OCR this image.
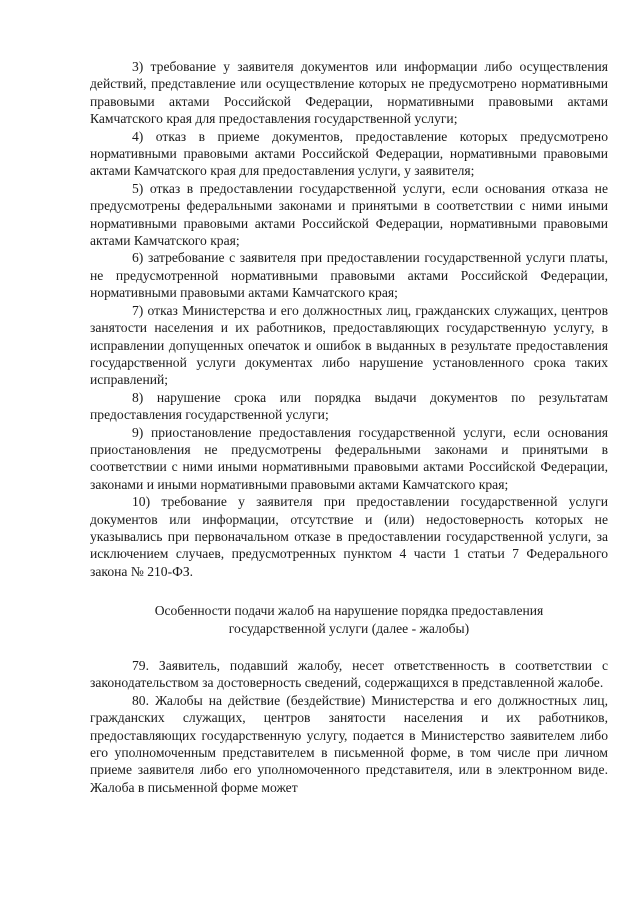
3) требование у заявителя документов или информации либо осуществления действий, представление или осуществление которых не предусмотрено нормативными правовыми актами Российской Федерации, нормативными правовыми актами Камчатского края для предоставления государственной услуги;

4) отказ в приеме документов, предоставление которых предусмотрено нормативными правовыми актами Российской Федерации, нормативными правовыми актами Камчатского края для предоставления услуги, у заявителя;

5) отказ в предоставлении государственной услуги, если основания отказа не предусмотрены федеральными законами и принятыми в соответствии с ними иными нормативными правовыми актами Российской Федерации, нормативными правовыми актами Камчатского края;

6) затребование с заявителя при предоставлении государственной услуги платы, не предусмотренной нормативными правовыми актами Российской Федерации, нормативными правовыми актами Камчатского края;

7) отказ Министерства и его должностных лиц, гражданских служащих, центров занятости населения и их работников, предоставляющих государственную услугу, в исправлении допущенных опечаток и ошибок в выданных в результате предоставления государственной услуги документах либо нарушение установленного срока таких исправлений;

8) нарушение срока или порядка выдачи документов по результатам предоставления государственной услуги;

9) приостановление предоставления государственной услуги, если основания приостановления не предусмотрены федеральными законами и принятыми в соответствии с ними иными нормативными правовыми актами Российской Федерации, законами и иными нормативными правовыми актами Камчатского края;

10) требование у заявителя при предоставлении государственной услуги документов или информации, отсутствие и (или) недостоверность которых не указывались при первоначальном отказе в предоставлении государственной услуги, за исключением случаев, предусмотренных пунктом 4 части 1 статьи 7 Федерального закона № 210-ФЗ.

Особенности подачи жалоб на нарушение порядка предоставления
государственной услуги (далее - жалобы)

79. Заявитель, подавший жалобу, несет ответственность в соответствии с законодательством за достоверность сведений, содержащихся в представленной жалобе.

80. Жалобы на действие (бездействие) Министерства и его должностных лиц, гражданских служащих, центров занятости населения и их работников, предоставляющих государственную услугу, подается в Министерство заявителем либо его уполномоченным представителем в письменной форме, в том числе при личном приеме заявителя либо его уполномоченного представителя, или в электронном виде. Жалоба в письменной форме может
